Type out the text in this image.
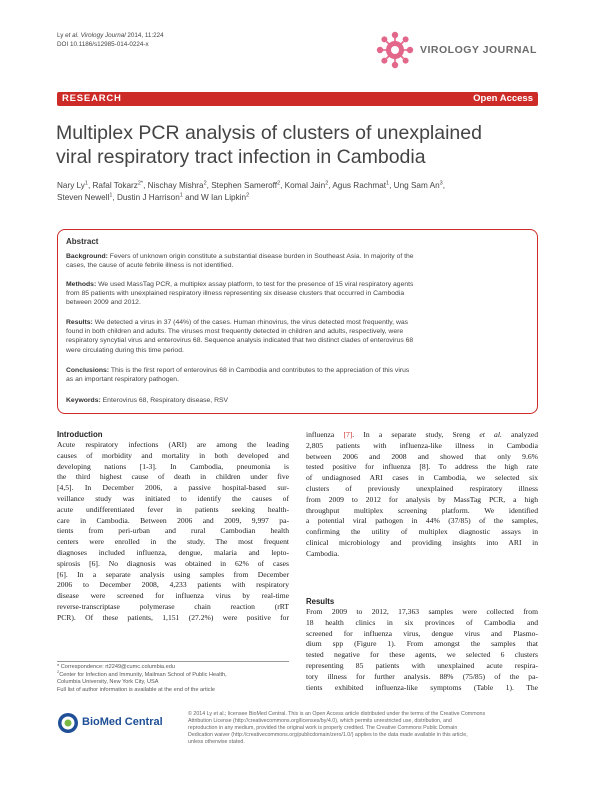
Ly et al. Virology Journal 2014, 11:224
DOI 10.1186/s12985-014-0224-x	VIROLOGY JOURNAL
RESEARCH	Open Access
Multiplex PCR analysis of clusters of unexplained
viral respiratory tract infection in Cambodia
Nary Ly$^1$, Rafal Tokarz$^{2*}$, Nischay Mishra$^2$, Stephen Sameroff$^2$, Komal Jain$^2$, Agus Rachmat$^1$, Ung Sam An$^3$,
Steven Newell$^1$, Dustin J Harrison$^1$ and W Ian Lipkin$^2$
Abstract
Background: Fevers of unknown origin constitute a substantial disease burden in Southeast Asia. In majority of the
cases, the cause of acute febrile illness is not identified.
Methods: We used MassTag PCR, a multiplex assay platform, to test for the presence of 15 viral respiratory agents
from 85 patients with unexplained respiratory illness representing six disease clusters that occurred in Cambodia
between 2009 and 2012.
Results: We detected a virus in 37 (44%) of the cases. Human rhinovirus, the virus detected most frequently, was
found in both children and adults. The viruses most frequently detected in children and adults, respectively, were
respiratory syncytial virus and enterovirus 68. Sequence analysis indicated that two distinct clades of enterovirus 68
were circulating during this time period.
Conclusions: This is the first report of enterovirus 68 in Cambodia and contributes to the appreciation of this virus
as an important respiratory pathogen.
Keywords: Enterovirus 68, Respiratory disease, RSV
Introduction
Acute respiratory infections (ARI) are among the leading
causes of morbidity and mortality in both developed and
developing nations [1-3]. In Cambodia, pneumonia is
the third highest cause of death in children under five
[4,5]. In December 2006, a passive hospital-based sur-
veillance study was initiated to identify the causes of
acute undifferentiated fever in patients seeking health-
care in Cambodia. Between 2006 and 2009, 9,997 pa-
tients from peri-urban and rural Cambodian health
centers were enrolled in the study. The most frequent
diagnoses included influenza, dengue, malaria and lepto-
spirosis [6]. No diagnosis was obtained in 62% of cases
[6]. In a separate analysis using samples from December
2006 to December 2008, 4,233 patients with respiratory
disease were screened for influenza virus by real-time
reverse-transcriptase polymerase chain reaction (rRT
PCR). Of these patients, 1,151 (27.2%) were positive for
influenza [7]. In a separate study, Sreng et al. analyzed
2,805 patients with influenza-like illness in Cambodia
between 2006 and 2008 and showed that only 9.6%
tested positive for influenza [8]. To address the high rate
of undiagnosed ARI cases in Cambodia, we selected six
clusters of previously unexplained respiratory illness
from 2009 to 2012 for analysis by MassTag PCR, a high
throughput multiplex screening platform. We identified
a potential viral pathogen in 44% (37/85) of the samples,
confirming the utility of multiplex diagnostic assays in
clinical microbiology and providing insights into ARI in
Cambodia.
Results
From 2009 to 2012, 17,363 samples were collected from
18 health clinics in six provinces of Cambodia and
screened for influenza virus, dengue virus and Plasmo-
dium spp (Figure 1). From amongst the samples that
tested negative for these agents, we selected 6 clusters
representing 85 patients with unexplained acute respira-
tory illness for further analysis. 88% (75/85) of the pa-
tients exhibited influenza-like symptoms (Table 1). The
* Correspondence: rt2249@cumc.columbia.edu
$^2$Center for Infection and Immunity, Mailman School of Public Health,
Columbia University, New York City, USA
Full list of author information is available at the end of the article
BioMed Central
© 2014 Ly et al.; licensee BioMed Central. This is an Open Access article distributed under the terms of the Creative Commons
Attribution License (http://creativecommons.org/licenses/by/4.0), which permits unrestricted use, distribution, and
reproduction in any medium, provided the original work is properly credited. The Creative Commons Public Domain
Dedication waiver (http://creativecommons.org/publicdomain/zero/1.0/) applies to the data made available in this article,
unless otherwise stated.
